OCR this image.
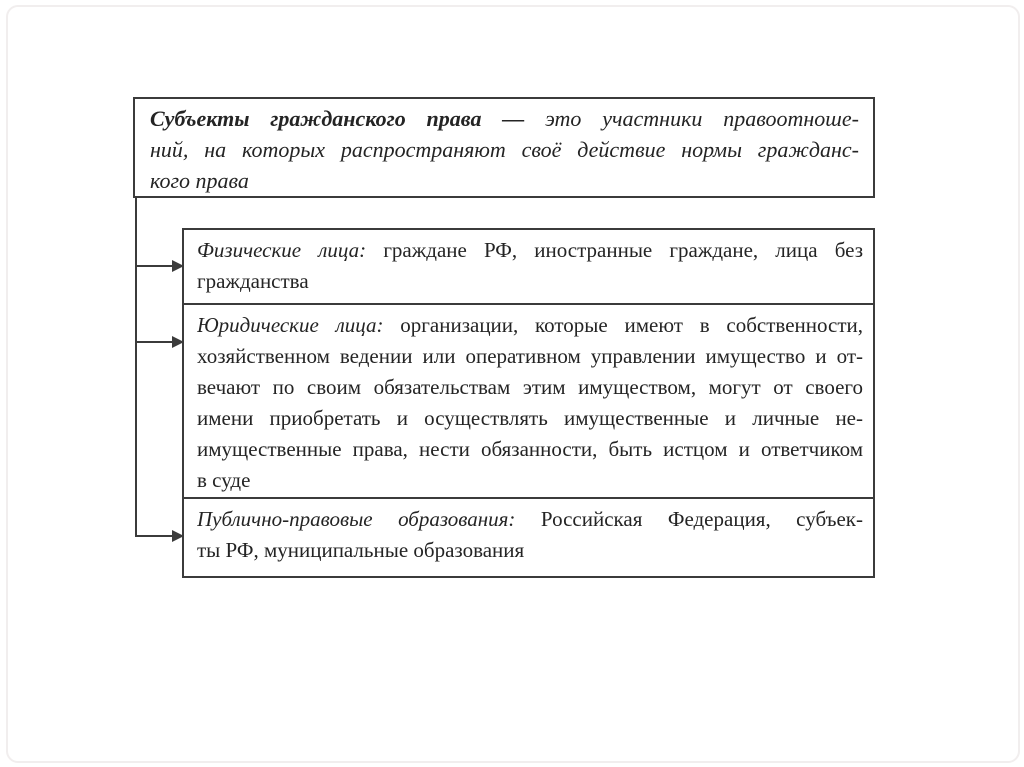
Субъекты гражданского права — это участники правоотноше-
ний, на которых распространяют своё действие нормы гражданс-
кого права
Физические лица: граждане РФ, иностранные граждане, лица без
гражданства
Юридические лица: организации, которые имеют в собственности,
хозяйственном ведении или оперативном управлении имущество и от-
вечают по своим обязательствам этим имуществом, могут от своего
имени приобретать и осуществлять имущественные и личные не-
имущественные права, нести обязанности, быть истцом и ответчиком
в суде
Публично-правовые образования: Российская Федерация, субъек-
ты РФ, муниципальные образования
